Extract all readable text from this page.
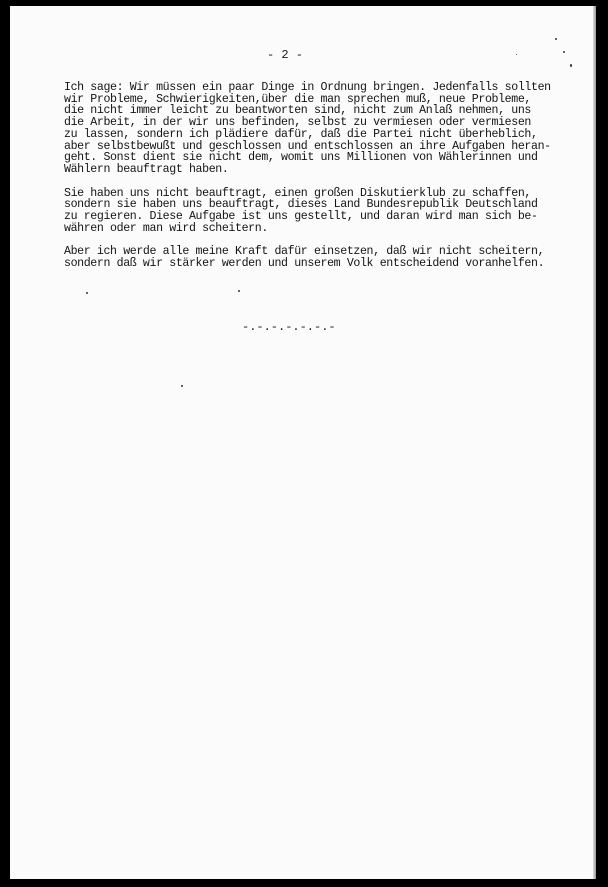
- 2 -
Ich sage: Wir müssen ein paar Dinge in Ordnung bringen. Jedenfalls sollten
wir Probleme, Schwierigkeiten,über die man sprechen muß, neue Probleme,
die nicht immer leicht zu beantworten sind, nicht zum Anlaß nehmen, uns
die Arbeit, in der wir uns befinden, selbst zu vermiesen oder vermiesen
zu lassen, sondern ich plädiere dafür, daß die Partei nicht überheblich,
aber selbstbewußt und geschlossen und entschlossen an ihre Aufgaben heran-
geht. Sonst dient sie nicht dem, womit uns Millionen von Wählerinnen und
Wählern beauftragt haben.
Sie haben uns nicht beauftragt, einen großen Diskutierklub zu schaffen,
sondern sie haben uns beauftragt, dieses Land Bundesrepublik Deutschland
zu regieren. Diese Aufgabe ist uns gestellt, und daran wird man sich be-
währen oder man wird scheitern.
Aber ich werde alle meine Kraft dafür einsetzen, daß wir nicht scheitern,
sondern daß wir stärker werden und unserem Volk entscheidend voranhelfen.
-.-.-.-.-.-.-
